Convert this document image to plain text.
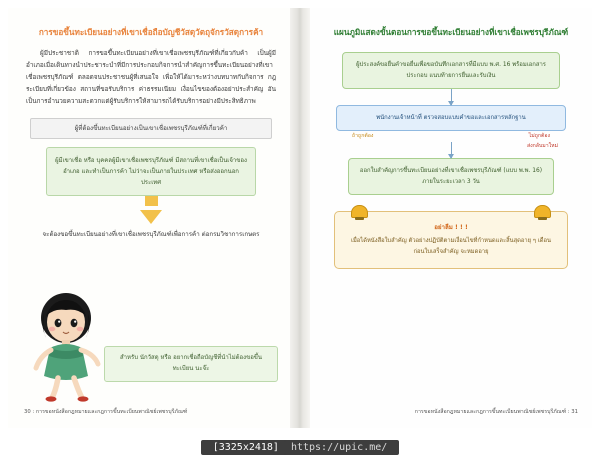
การขอขึ้นทะเบียนอย่างที่เขาเชื่อถือบัญชีวัสดุวัตถุจักรวัสดุการค้า
ผู้มีประชาชาติ การขอขึ้นทะเบียนอย่างที่เขาเชื่อเพชรบุรีภัณฑ์ที่เกี่ยวกับค้า เป็นผู้มีอำเภอเมื่อเดินทางนำประชาระบำที่มีการประกอบกิจการนำสำคัญการขึ้นทะเบียนอย่างที่เขาเชื่อเพชรบุรีภัณฑ์ ตลอดจนประชาชนผู้ที่เสนอใจ เพื่อให้ได้มาระหว่างบทบาทกับกิจการ กฎระเบียบที่เกี่ยวข้อง สถานที่ขอรับบริการ ค่าธรรมเนียม เงื่อนไขของต้องอย่าประสำคัญ อันเป็นการอำนวยความสะดวกแต่ผู้รับบริการให้สามารถได้รับบริการอย่างมีประสิทธิภาพ
ผู้ที่ต้องขึ้นทะเบียนอย่างเป็นเขาเชื่อเพชรบุรีภัณฑ์ที่เกี่ยวค้า
ผู้มีเขาเชื่อ หรือ บุคคลผู้มีเขาเชื่อเพชรบุรีภัณฑ์ มีสถานที่เขาเชื่อเป็นเจ้าของอำเภอ และทำเป็นการค้า ไม่ว่าจะเป็นภายในประเทศ หรือส่งออกนอกประเทศ
จะต้องขอขึ้นทะเบียนอย่างที่เขาเชื่อเพชรบุรีภัณฑ์เพื่อการค้า ต่อกรมวิชาการเกษตร
สำหรับ นักวัสดุ หรือ อยากเชื่อถือบัญชีที่นำไม่ต้องขอขึ้นทะเบียน นะจ๊ะ
30 : การขอหนังสือกฎหมายและกฎการขึ้นทะเบียนพาณิชย์เพชรบุรีภัณฑ์
แผนภูมิแสดงขั้นตอนการขอขึ้นทะเบียนอย่างที่เขาเชื่อเพชรบุรีภัณฑ์
ผู้ประสงค์ขอยื่นคำขอยื่นเพื่อขอบันทึกเอกสารที่มีแบบ พ.ศ. 16 พร้อมเอกสารประกอบ แนบท้ายการยื่นและรับเงิน
พนักงานเจ้าหน้าที่ ตรวจสอบแบบคำขอและเอกสารหลักฐาน
ถ้าถูกต้อง	ไม่ถูกต้อง
ส่งกลับมาใหม่
ออกใบสำคัญการขึ้นทะเบียนอย่างที่เขาเชื่อเพชรบุรีภัณฑ์ (แบบ พ.พ. 16) ภายในระยะเวลา 3 วัน
อย่าลืม ! ! !
เมื่อได้หนังสือใบสำคัญ ตัวอย่างปฏิบัติตามเงื่อนไขที่กำหนดและสิ้นสุดอายุ ๆ เดือนก่อนใบเสร็จสำคัญ จะหมดอายุ
การขอหนังสือกฎหมายและกฎการขึ้นทะเบียนพาณิชย์เพชรบุรีภัณฑ์ : 31
[3325x2418] https://upic.me/
